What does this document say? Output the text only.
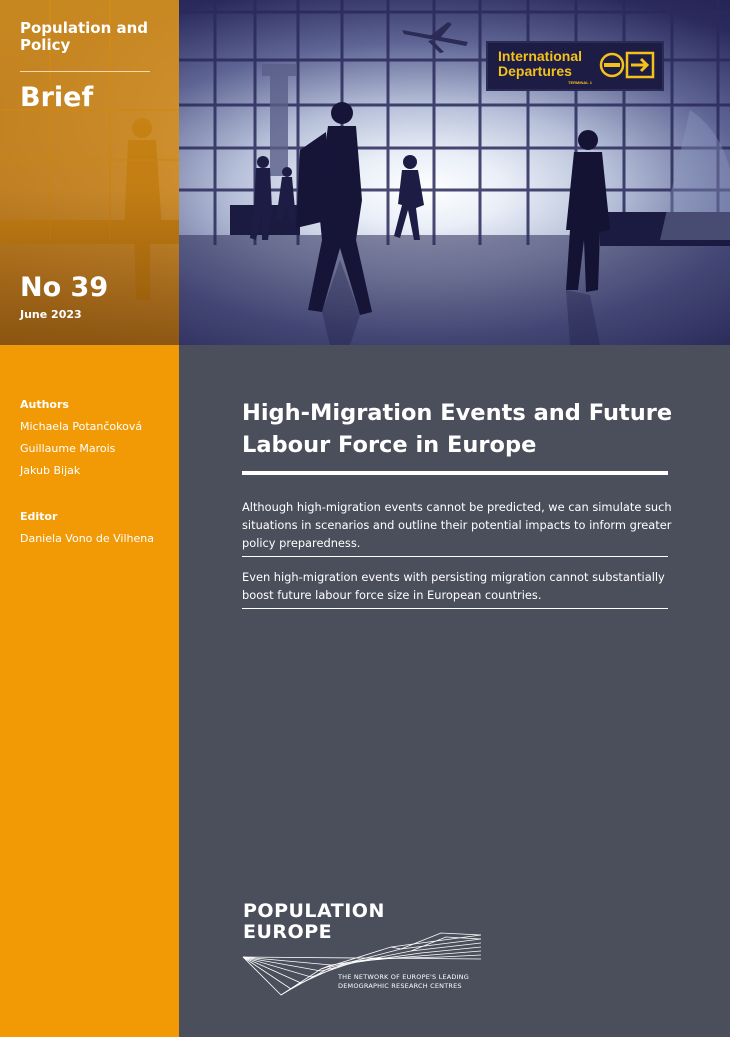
International
Departures
TERMINAL 1
Population and Policy
Brief
No 39
June 2023
Authors
Michaela Potančoková
Guillaume Marois
Jakub Bijak
Editor
Daniela Vono de Vilhena
High-Migration Events and Future Labour Force in Europe
Although high-migration events cannot be predicted, we can simulate such situations in scenarios and outline their potential impacts to inform greater policy preparedness.
Even high-migration events with persisting migration cannot substantially boost future labour force size in European countries.
POPULATION
EUROPE
THE NETWORK OF EUROPE'S LEADING
DEMOGRAPHIC RESEARCH CENTRES
